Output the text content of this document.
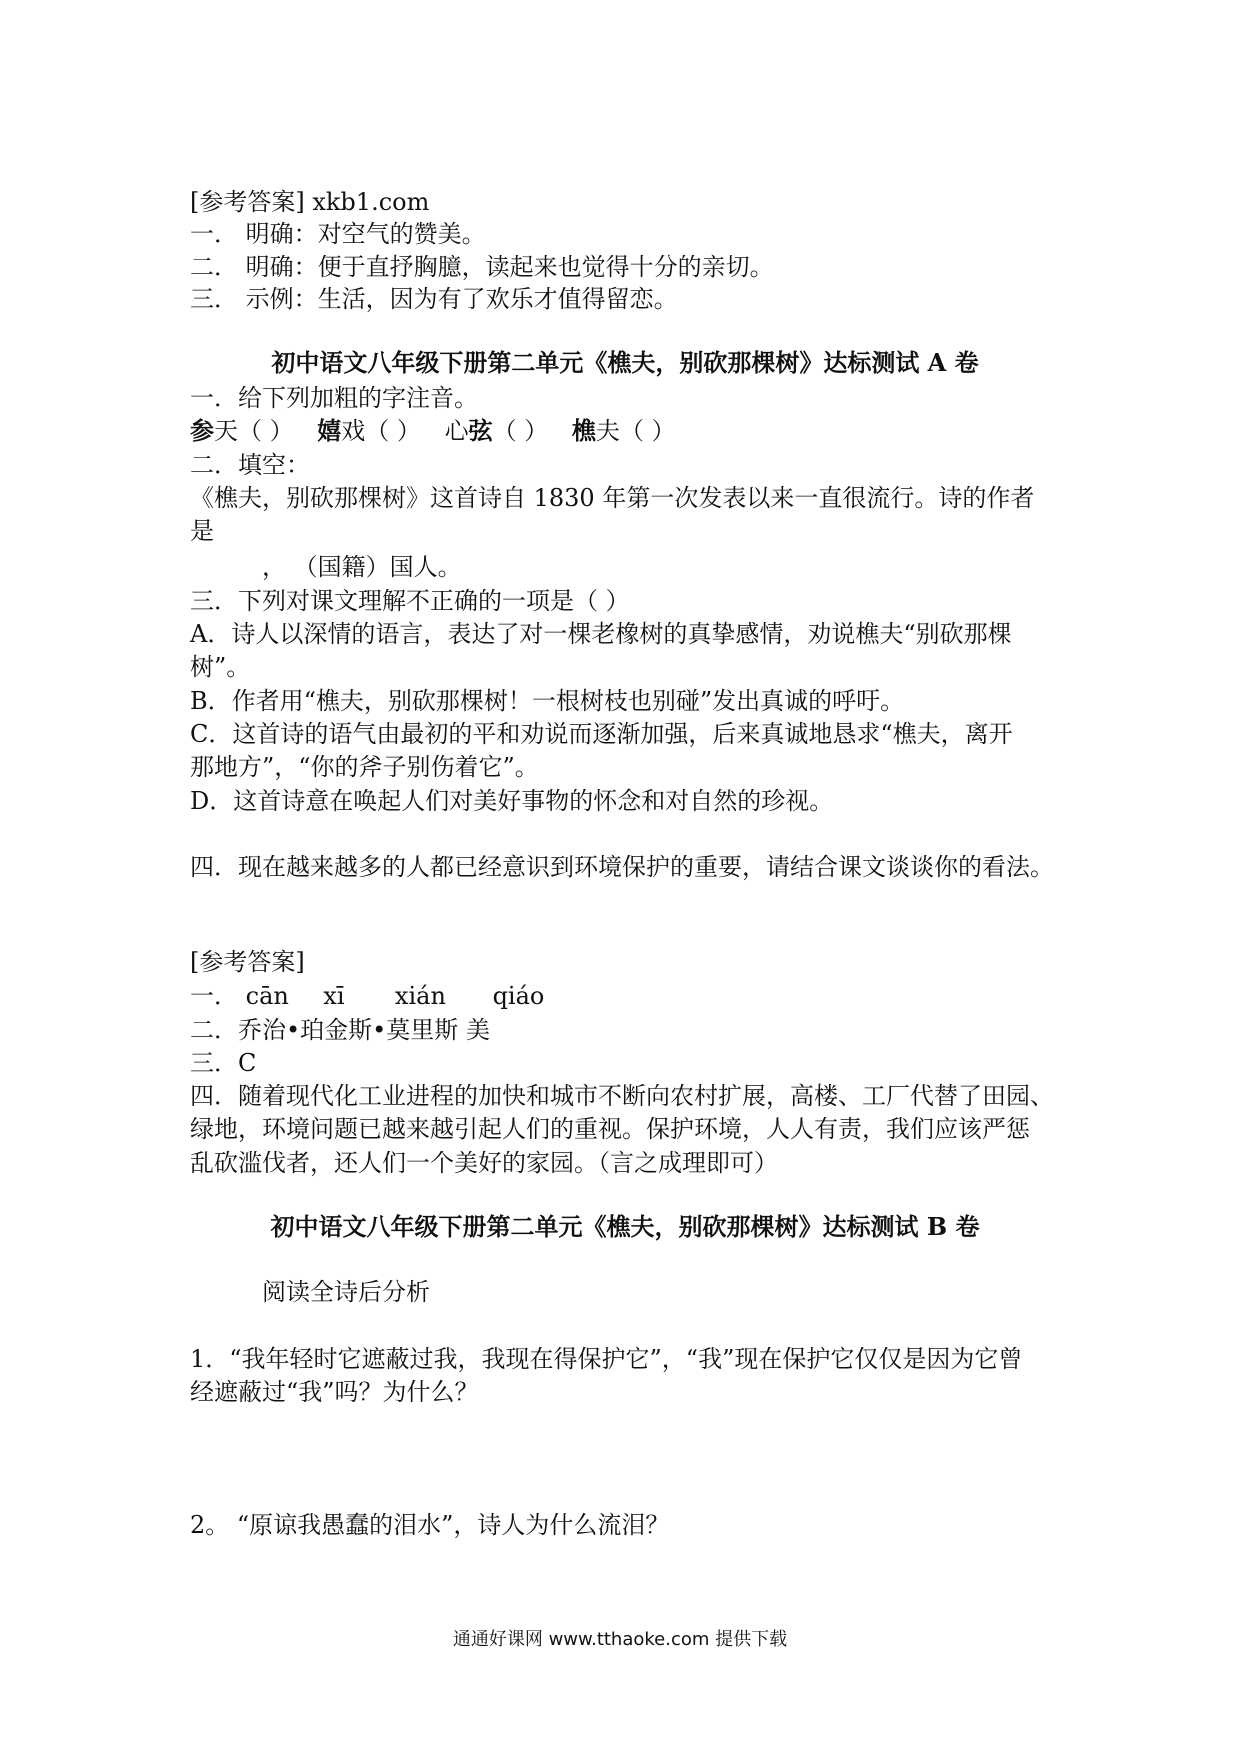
[参考答案] xkb1.com
一． 明确：对空气的赞美。
二． 明确：便于直抒胸臆，读起来也觉得十分的亲切。
三． 示例：生活，因为有了欢乐才值得留恋。
初中语文八年级下册第二单元《樵夫，别砍那棵树》达标测试 A 卷
一．给下列加粗的字注音。
参天（ ） 嬉戏（ ） 心弦（ ） 樵夫（ ）
二．填空：
《樵夫，别砍那棵树》这首诗自 1830 年第一次发表以来一直很流行。诗的作者
是
， （国籍）国人。
三．下列对课文理解不正确的一项是（ ）
A．诗人以深情的语言，表达了对一棵老橡树的真挚感情，劝说樵夫“别砍那棵
树”。
B．作者用“樵夫，别砍那棵树！一根树枝也别碰”发出真诚的呼吁。
C．这首诗的语气由最初的平和劝说而逐渐加强，后来真诚地恳求“樵夫，离开
那地方”，“你的斧子别伤着它”。
D．这首诗意在唤起人们对美好事物的怀念和对自然的珍视。
四．现在越来越多的人都已经意识到环境保护的重要，请结合课文谈谈你的看法。
[参考答案]
一． cān xī xián qiáo
二．乔治•珀金斯•莫里斯 美
三．C
四．随着现代化工业进程的加快和城市不断向农村扩展，高楼、工厂代替了田园、
绿地，环境问题已越来越引起人们的重视。保护环境，人人有责，我们应该严惩
乱砍滥伐者，还人们一个美好的家园。（言之成理即可）
初中语文八年级下册第二单元《樵夫，别砍那棵树》达标测试 B 卷
阅读全诗后分析
1．“我年轻时它遮蔽过我，我现在得保护它”，“我”现在保护它仅仅是因为它曾
经遮蔽过“我”吗？为什么？
2。 “原谅我愚蠢的泪水”，诗人为什么流泪？
通通好课网 www.tthaoke.com 提供下载
